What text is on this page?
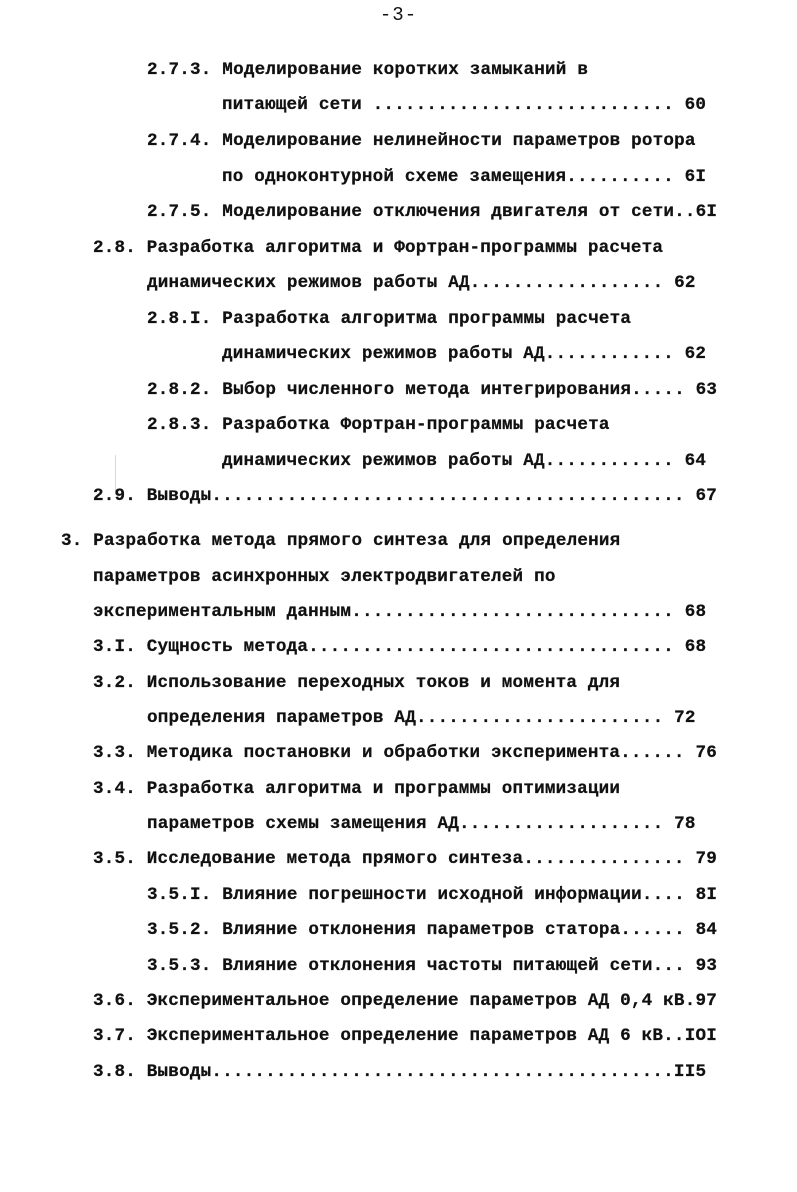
-3-
2.7.3. Моделирование коротких замыканий в
питающей сети ............................ 60
2.7.4. Моделирование нелинейности параметров ротора
по одноконтурной схеме замещения.......... 6I
2.7.5. Моделирование отключения двигателя от сети..6I
2.8. Разработка алгоритма и Фортран-программы расчета
динамических режимов работы АД.................. 62
2.8.I. Разработка алгоритма программы расчета
динамических режимов работы АД............ 62
2.8.2. Выбор численного метода интегрирования..... 63
2.8.3. Разработка Фортран-программы расчета
динамических режимов работы АД............ 64
2.9. Выводы............................................ 67
3. Разработка метода прямого синтеза для определения
параметров асинхронных электродвигателей по
экспериментальным данным.............................. 68
3.I. Сущность метода.................................. 68
3.2. Использование переходных токов и момента для
определения параметров АД....................... 72
3.3. Методика постановки и обработки эксперимента...... 76
3.4. Разработка алгоритма и программы оптимизации
параметров схемы замещения АД................... 78
3.5. Исследование метода прямого синтеза............... 79
3.5.I. Влияние погрешности исходной информации.... 8I
3.5.2. Влияние отклонения параметров статора...... 84
3.5.3. Влияние отклонения частоты питающей сети... 93
3.6. Экспериментальное определение параметров АД 0,4 кВ.97
3.7. Экспериментальное определение параметров АД 6 кВ..IOI
3.8. Выводы...........................................II5
